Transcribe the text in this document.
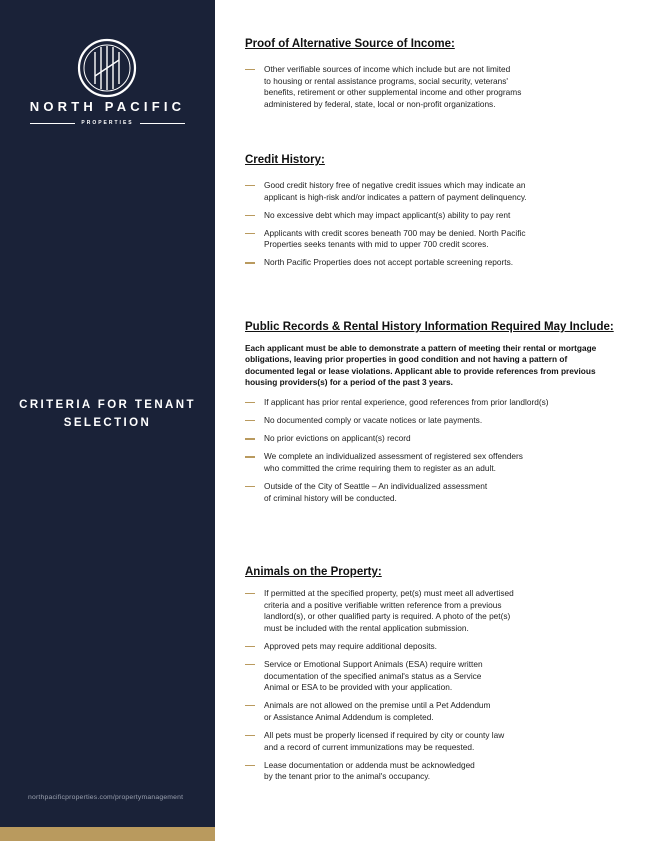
NORTH PACIFIC
PROPERTIES
CRITERIA FOR TENANT
SELECTION
northpacificproperties.com/propertymanagement
Proof of Alternative Source of Income:
Other verifiable sources of income which include but are not limited
to housing or rental assistance programs, social security, veterans'
benefits, retirement or other supplemental income and other programs
administered by federal, state, local or non-profit organizations.
Credit History:
Good credit history free of negative credit issues which may indicate an
applicant is high-risk and/or indicates a pattern of payment delinquency.
No excessive debt which may impact applicant(s) ability to pay rent
Applicants with credit scores beneath 700 may be denied. North Pacific
Properties seeks tenants with mid to upper 700 credit scores.
North Pacific Properties does not accept portable screening reports.
Public Records & Rental History Information Required May Include:
Each applicant must be able to demonstrate a pattern of meeting their rental or mortgage obligations, leaving prior properties in good condition and not having a pattern of documented legal or lease violations. Applicant able to provide references from previous housing providers(s) for a period of the past 3 years.
If applicant has prior rental experience, good references from prior landlord(s)
No documented comply or vacate notices or late payments.
No prior evictions on applicant(s) record
We complete an individualized assessment of registered sex offenders
who committed the crime requiring them to register as an adult.
Outside of the City of Seattle – An individualized assessment
of criminal history will be conducted.
Animals on the Property:
If permitted at the specified property, pet(s) must meet all advertised
criteria and a positive verifiable written reference from a previous
landlord(s), or other qualified party is required. A photo of the pet(s)
must be included with the rental application submission.
Approved pets may require additional deposits.
Service or Emotional Support Animals (ESA) require written
documentation of the specified animal's status as a Service
Animal or ESA to be provided with your application.
Animals are not allowed on the premise until a Pet Addendum
or Assistance Animal Addendum is completed.
All pets must be properly licensed if required by city or county law
and a record of current immunizations may be requested.
Lease documentation or addenda must be acknowledged
by the tenant prior to the animal's occupancy.
